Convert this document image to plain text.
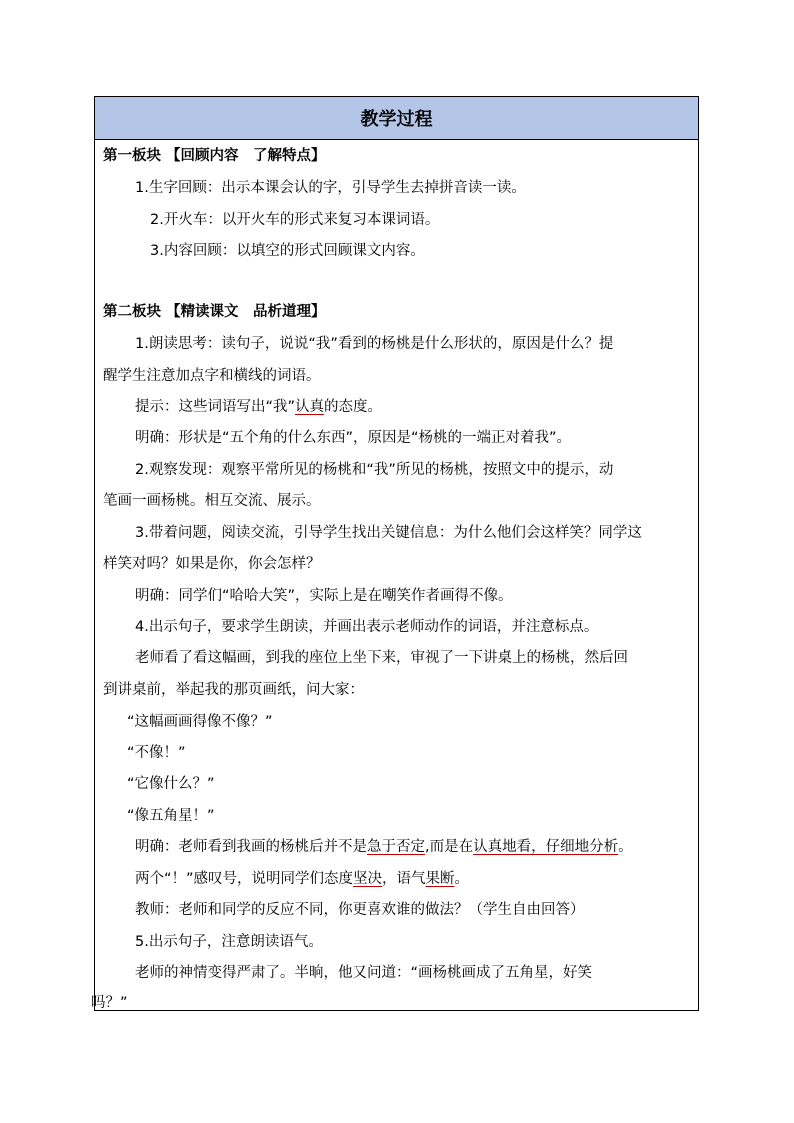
教学过程
第一板块 【回顾内容　了解特点】
1.生字回顾：出示本课会认的字，引导学生去掉拼音读一读。
2.开火车：以开火车的形式来复习本课词语。
3.内容回顾：以填空的形式回顾课文内容。
第二板块 【精读课文　品析道理】
1.朗读思考：读句子，说说“我”看到的杨桃是什么形状的，原因是什么？提
醒学生注意加点字和横线的词语。
提示：这些词语写出“我”认真的态度。
明确：形状是“五个角的什么东西”，原因是“杨桃的一端正对着我”。
2.观察发现：观察平常所见的杨桃和“我”所见的杨桃，按照文中的提示，动
笔画一画杨桃。相互交流、展示。
3.带着问题，阅读交流，引导学生找出关键信息：为什么他们会这样笑？同学这
样笑对吗？如果是你，你会怎样？
明确：同学们“哈哈大笑”，实际上是在嘲笑作者画得不像。
4.出示句子，要求学生朗读，并画出表示老师动作的词语，并注意标点。
老师看了看这幅画，到我的座位上坐下来，审视了一下讲桌上的杨桃，然后回
到讲桌前，举起我的那页画纸，问大家：
“这幅画画得像不像？”
“不像！”
“它像什么？”
“像五角星！”
明确：老师看到我画的杨桃后并不是急于否定,而是在认真地看，仔细地分析。
两个“！”感叹号，说明同学们态度坚决，语气果断。
教师：老师和同学的反应不同，你更喜欢谁的做法？（学生自由回答）
5.出示句子，注意朗读语气。
老师的神情变得严肃了。半晌，他又问道：“画杨桃画成了五角星，好笑
吗？”
